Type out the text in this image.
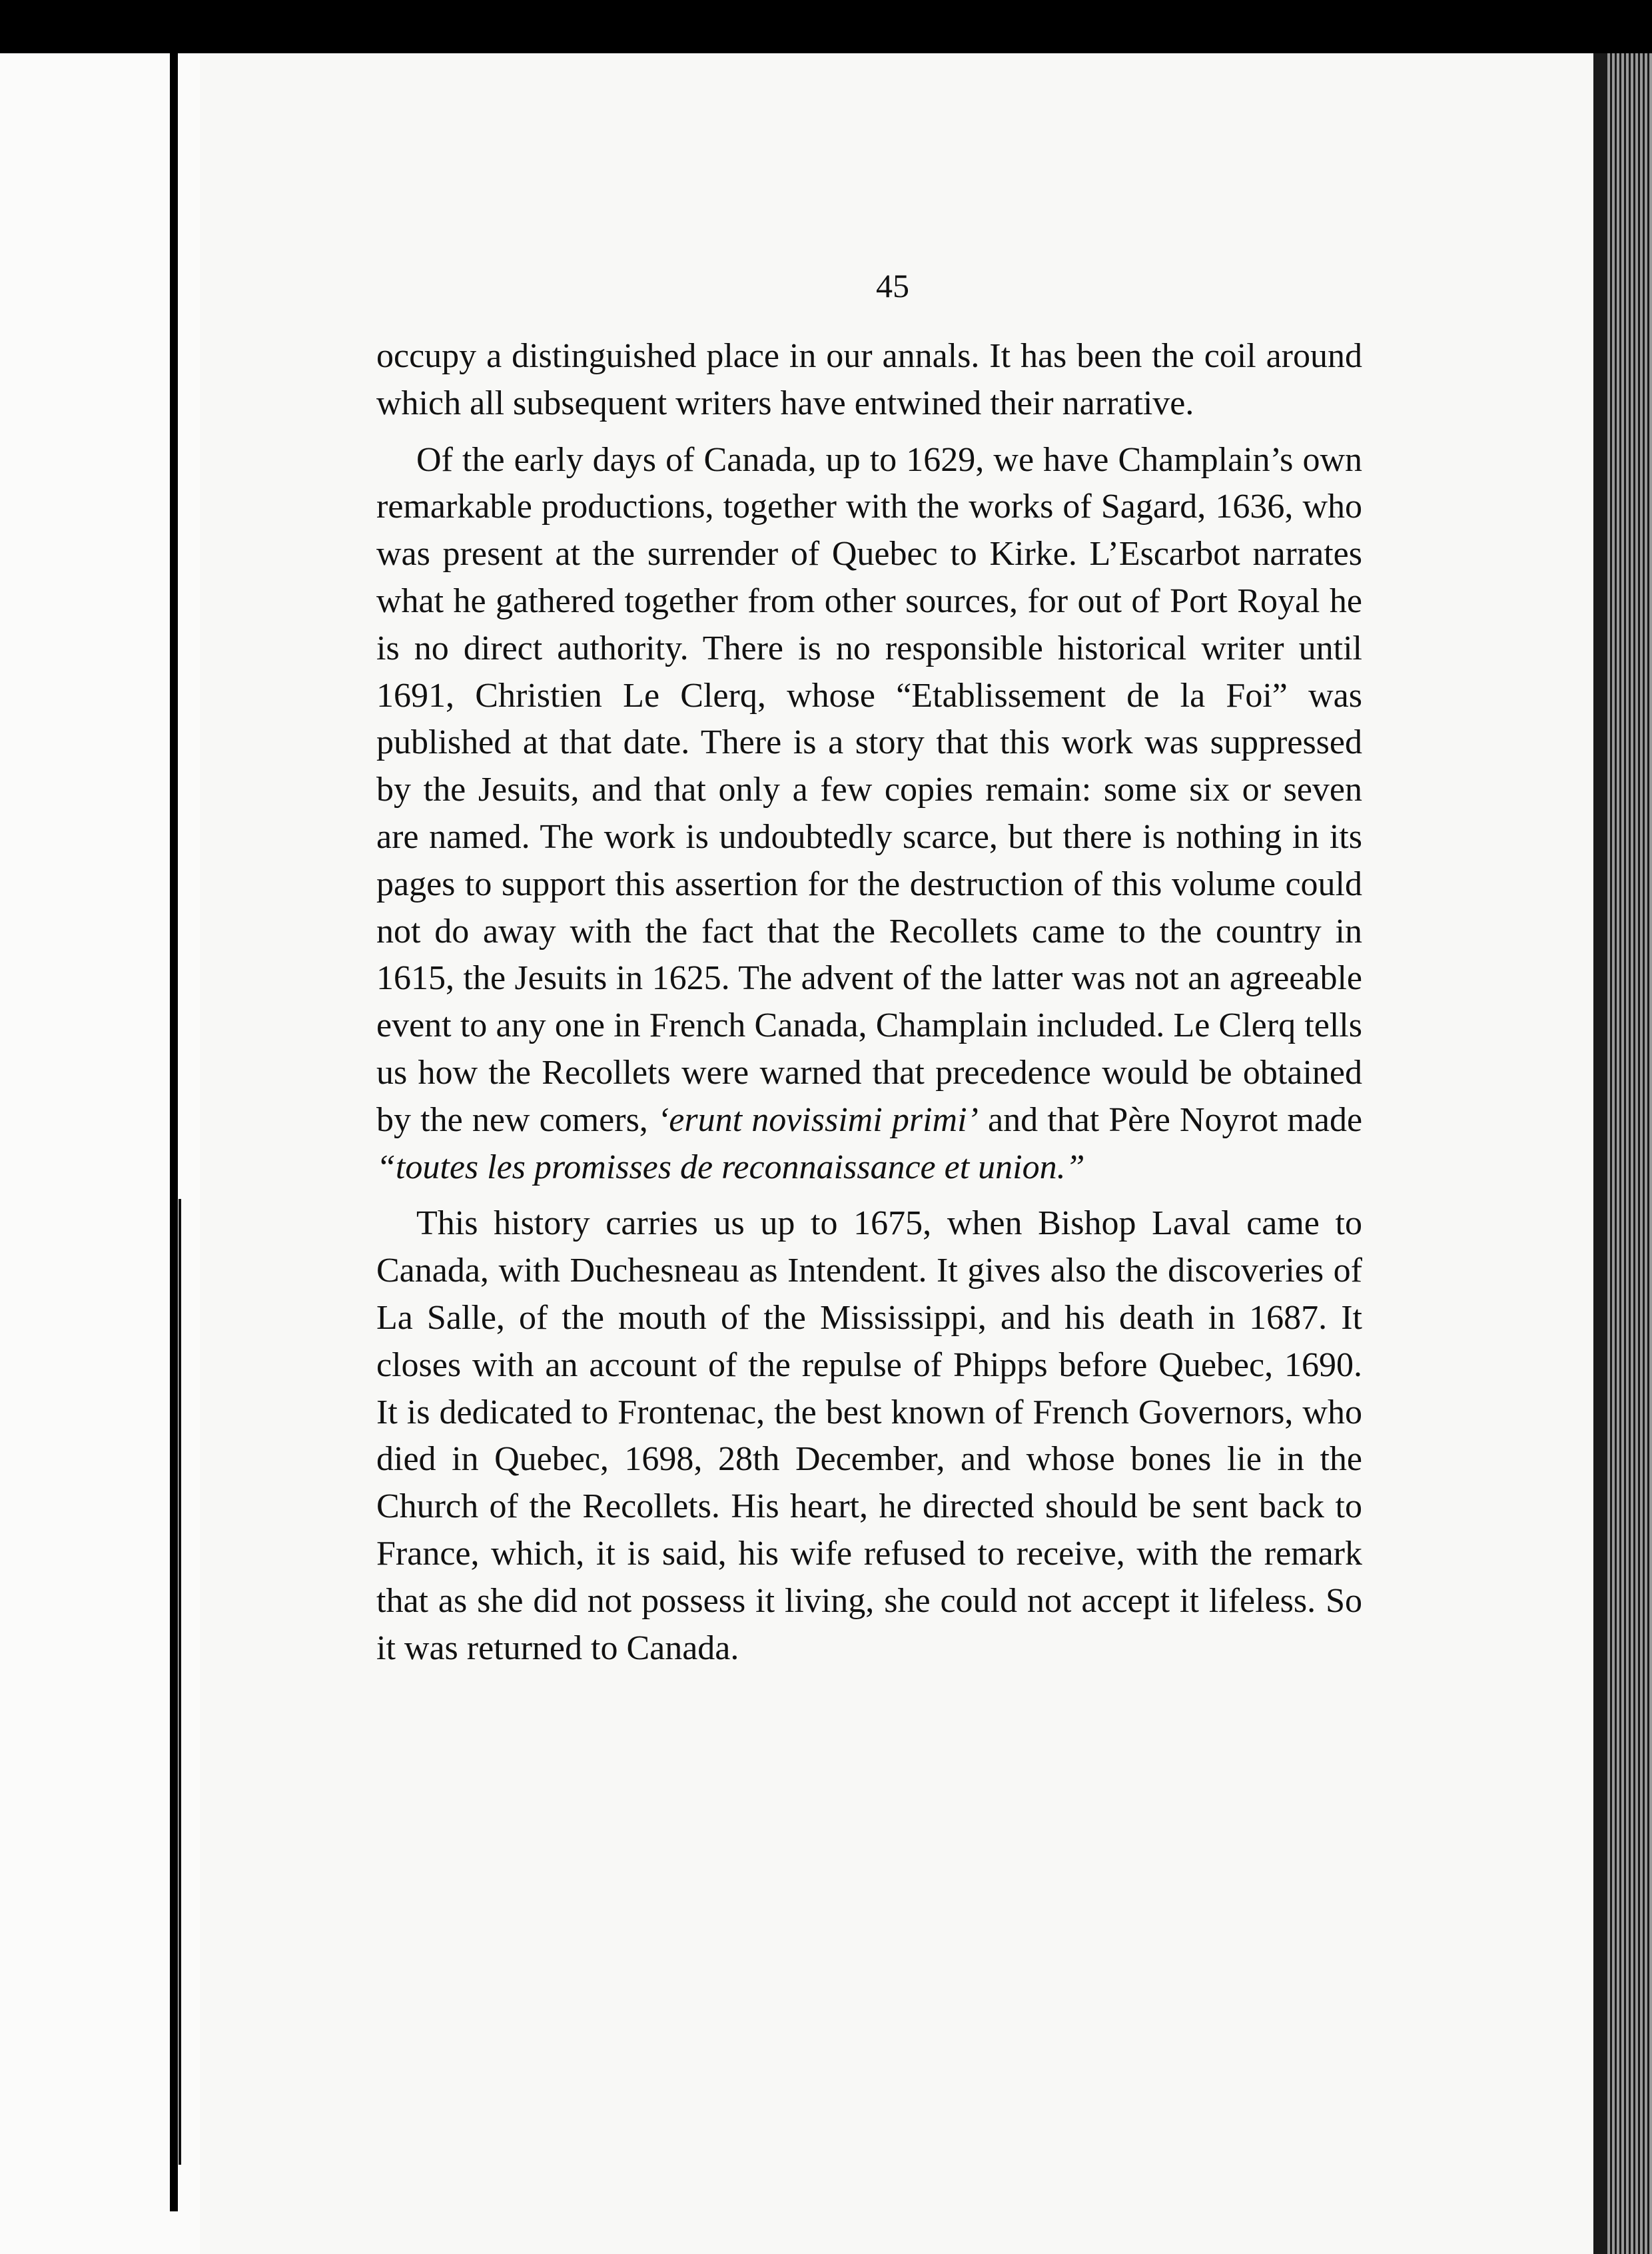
45

occupy a distinguished place in our annals. It has been the coil around which all subsequent writers have entwined their narrative.

Of the early days of Canada, up to 1629, we have Champlain’s own remarkable productions, together with the works of Sagard, 1636, who was present at the surrender of Quebec to Kirke. L’Escarbot narrates what he gathered together from other sources, for out of Port Royal he is no direct authority. There is no responsible historical writer until 1691, Christien Le Clerq, whose “Etablissement de la Foi” was published at that date. There is a story that this work was suppressed by the Jesuits, and that only a few copies remain: some six or seven are named. The work is undoubtedly scarce, but there is nothing in its pages to support this assertion for the destruction of this volume could not do away with the fact that the Recollets came to the country in 1615, the Jesuits in 1625. The advent of the latter was not an agreeable event to any one in French Canada, Champlain included. Le Clerq tells us how the Recollets were warned that precedence would be obtained by the new comers, ‘erunt novissimi primi’ and that Père Noyrot made “toutes les promisses de reconnaissance et union.”

This history carries us up to 1675, when Bishop Laval came to Canada, with Duchesneau as Intendent. It gives also the discoveries of La Salle, of the mouth of the Mississippi, and his death in 1687. It closes with an account of the repulse of Phipps before Quebec, 1690. It is dedicated to Frontenac, the best known of French Governors, who died in Quebec, 1698, 28th December, and whose bones lie in the Church of the Recollets. His heart, he directed should be sent back to France, which, it is said, his wife refused to receive, with the remark that as she did not possess it living, she could not accept it lifeless. So it was returned to Canada.
